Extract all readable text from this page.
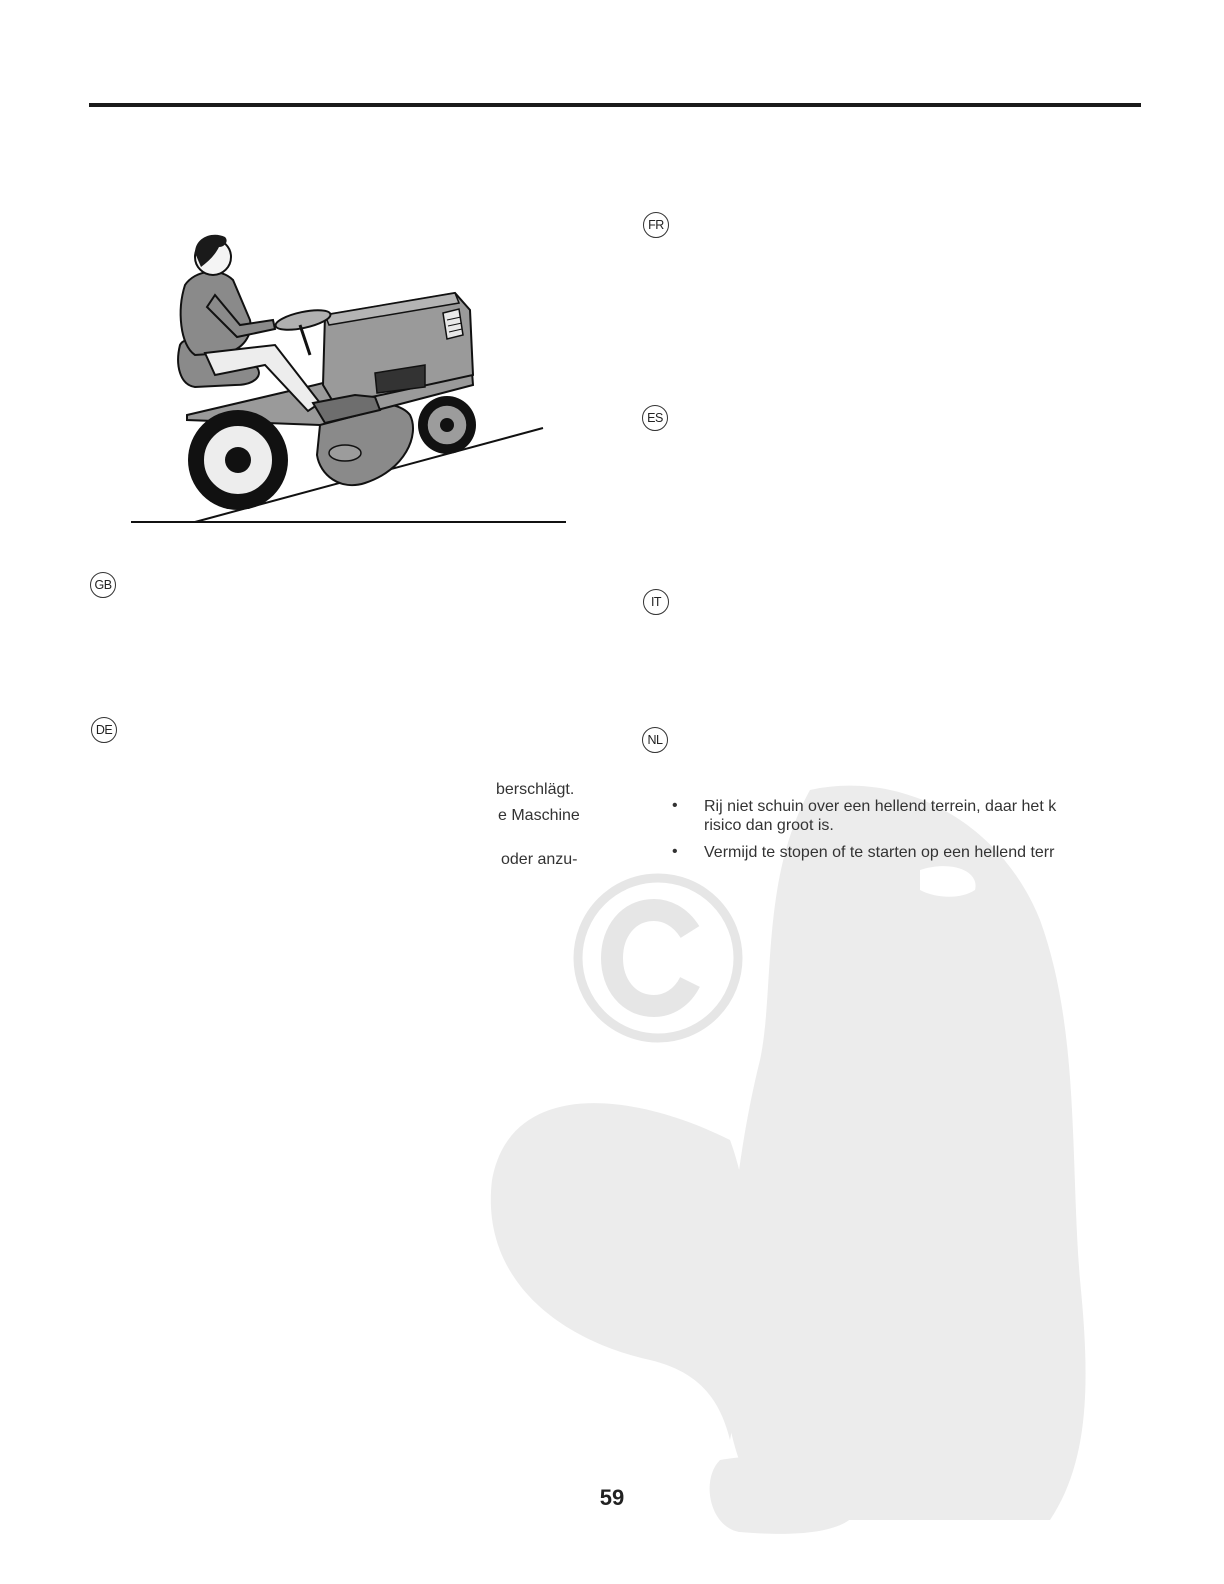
FR
ES
GB
IT
DE
NL
berschlägt.
e Maschine
oder anzu-
• Rij niet schuin over een hellend terrein, daar het k
risico dan groot is.
• Vermijd te stopen of te starten op een hellend terr
59
